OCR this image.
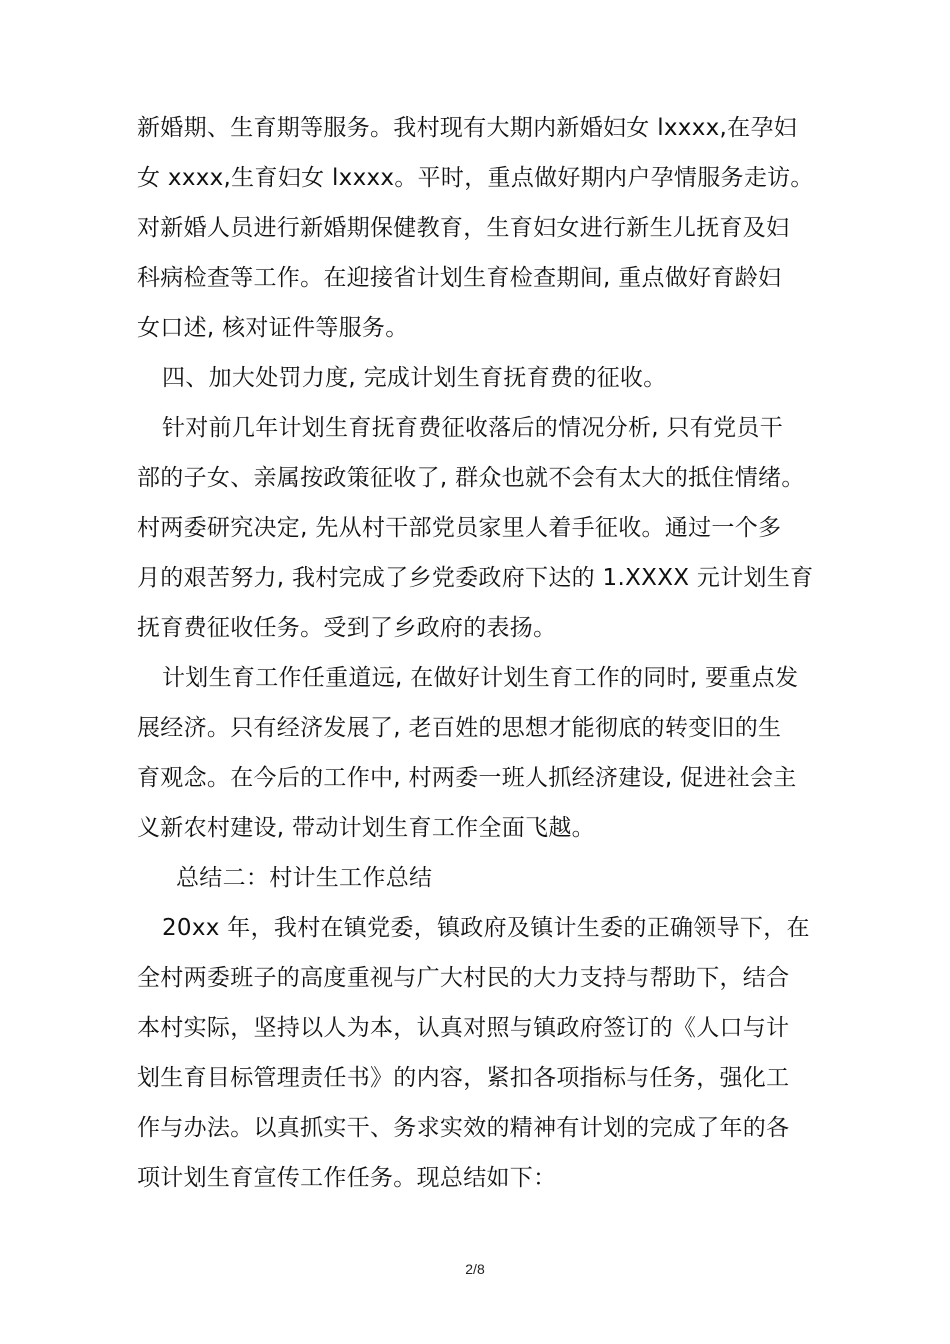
新婚期、生育期等服务。我村现有大期内新婚妇女 lxxxx,在孕妇
女 xxxx,生育妇女 lxxxx。平时，重点做好期内户孕情服务走访。
对新婚人员进行新婚期保健教育，生育妇女进行新生儿抚育及妇
科病检查等工作。在迎接省计划生育检查期间, 重点做好育龄妇
女口述, 核对证件等服务。
四、加大处罚力度, 完成计划生育抚育费的征收。
针对前几年计划生育抚育费征收落后的情况分析, 只有党员干
部的子女、亲属按政策征收了, 群众也就不会有太大的抵住情绪。
村两委研究决定, 先从村干部党员家里人着手征收。通过一个多
月的艰苦努力, 我村完成了乡党委政府下达的 1.XXXX 元计划生育
抚育费征收任务。受到了乡政府的表扬。
计划生育工作任重道远, 在做好计划生育工作的同时, 要重点发
展经济。只有经济发展了, 老百姓的思想才能彻底的转变旧的生
育观念。在今后的工作中, 村两委一班人抓经济建设, 促进社会主
义新农村建设, 带动计划生育工作全面飞越。
总结二：村计生工作总结
20xx 年，我村在镇党委，镇政府及镇计生委的正确领导下，在
全村两委班子的高度重视与广大村民的大力支持与帮助下，结合
本村实际，坚持以人为本，认真对照与镇政府签订的《人口与计
划生育目标管理责任书》的内容，紧扣各项指标与任务，强化工
作与办法。以真抓实干、务求实效的精神有计划的完成了年的各
项计划生育宣传工作任务。现总结如下：
2/8
